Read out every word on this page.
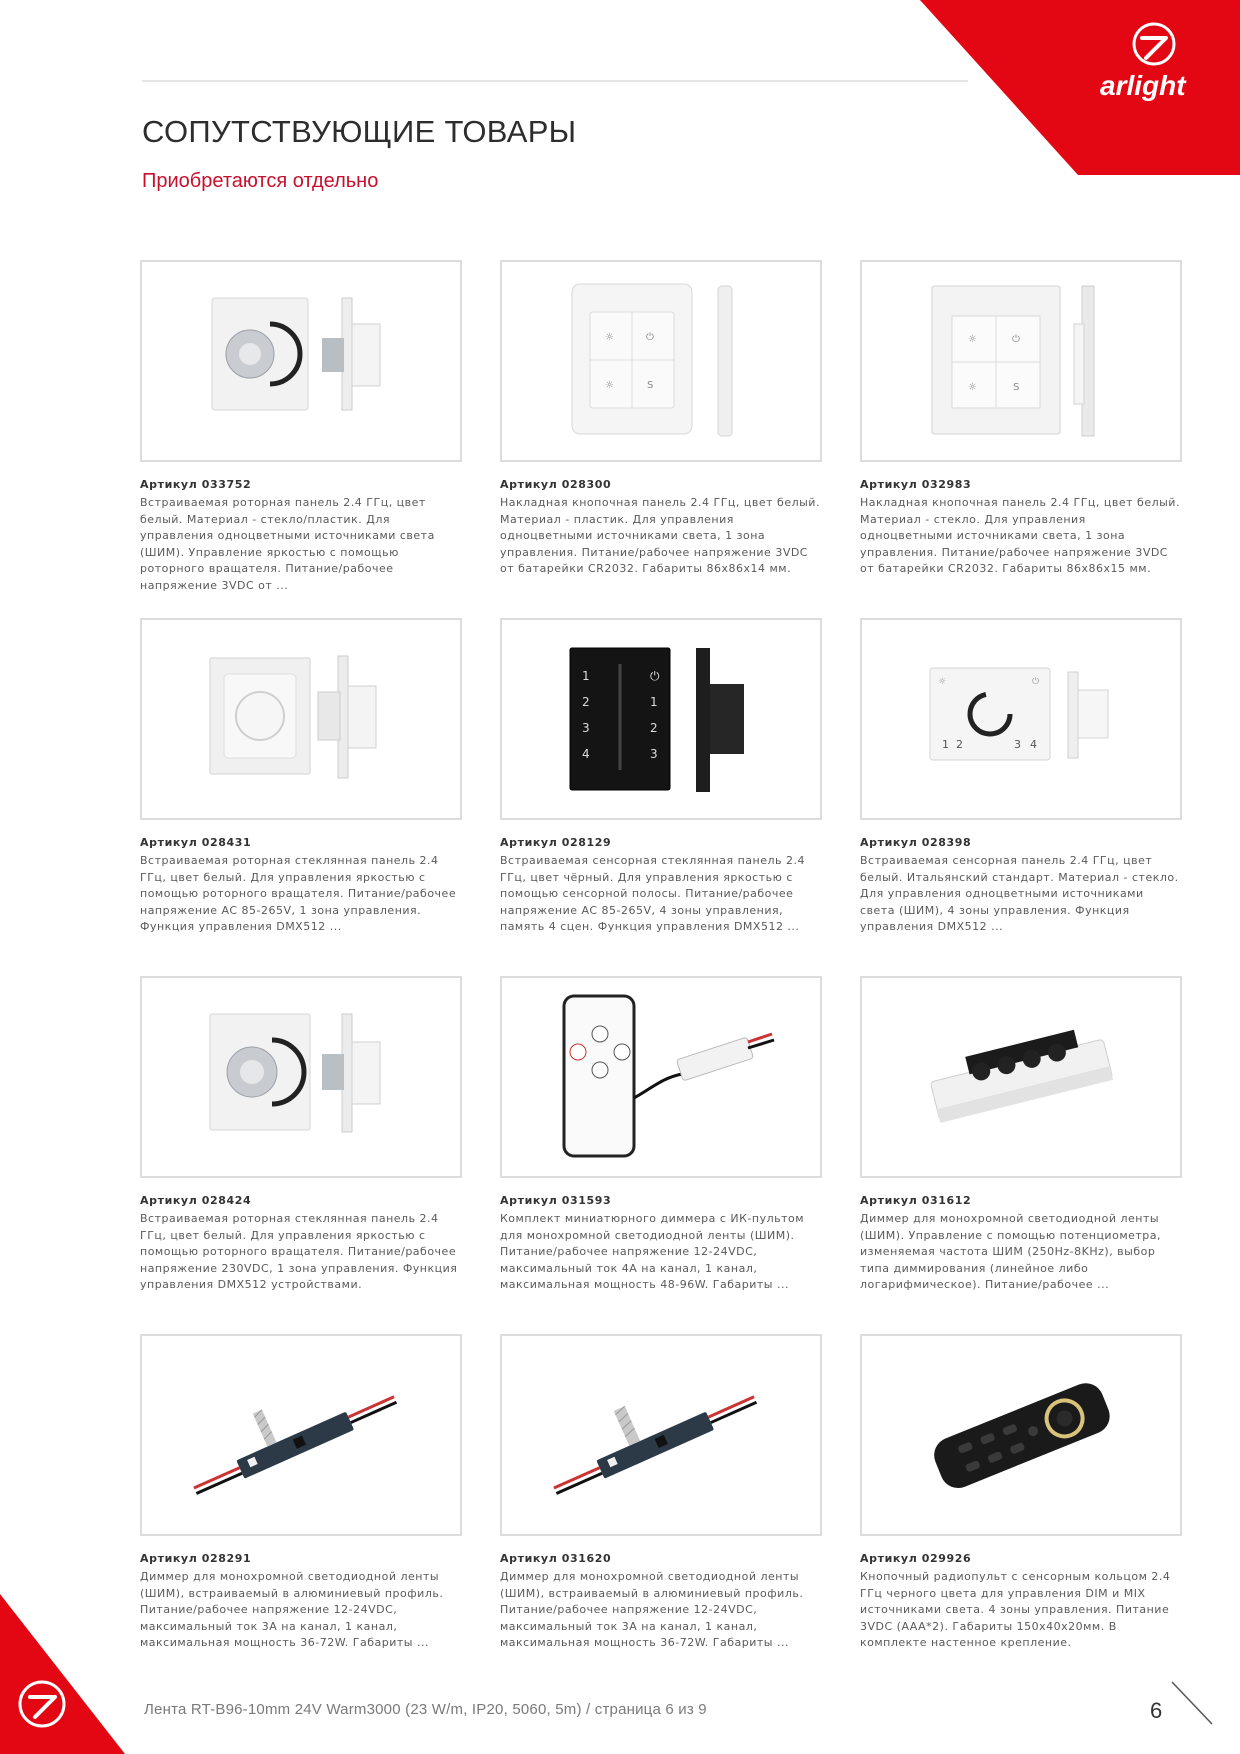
arlight
СОПУТСТВУЮЩИЕ ТОВАРЫ
Приобретаются отдельно
Артикул 033752
Встраиваемая роторная панель 2.4 ГГц, цвет белый. Материал - стекло/пластик. Для управления одноцветными источниками света (ШИМ). Управление яркостью с помощью роторного вращателя. Питание/рабочее напряжение 3VDC от ...
☼	⏻
☼	S
Артикул 028300
Накладная кнопочная панель 2.4 ГГц, цвет белый. Материал - пластик. Для управления одноцветными источниками света, 1 зона управления. Питание/рабочее напряжение 3VDC от батарейки CR2032. Габариты 86x86x14 мм.
☼	⏻
☼	S
Артикул 032983
Накладная кнопочная панель 2.4 ГГц, цвет белый. Материал - стекло. Для управления одноцветными источниками света, 1 зона управления. Питание/рабочее напряжение 3VDC от батарейки CR2032. Габариты 86x86x15 мм.
Артикул 028431
Встраиваемая роторная стеклянная панель 2.4 ГГц, цвет белый. Для управления яркостью с помощью роторного вращателя. Питание/рабочее напряжение AC 85-265V, 1 зона управления. Функция управления DMX512 ...
1
2
3
4
⏻
1
2
3
Артикул 028129
Встраиваемая сенсорная стеклянная панель 2.4 ГГц, цвет чёрный. Для управления яркостью с помощью сенсорной полосы. Питание/рабочее напряжение AC 85-265V, 4 зоны управления, память 4 сцен. Функция управления DMX512 ...
☼	⏻
1 2	3 4
Артикул 028398
Встраиваемая сенсорная панель 2.4 ГГц, цвет белый. Итальянский стандарт. Материал - стекло. Для управления одноцветными источниками света (ШИМ), 4 зоны управления. Функция управления DMX512 ...
Артикул 028424
Встраиваемая роторная стеклянная панель 2.4 ГГц, цвет белый. Для управления яркостью с помощью роторного вращателя. Питание/рабочее напряжение 230VDC, 1 зона управления. Функция управления DMX512 устройствами.
Артикул 031593
Комплект миниатюрного диммера с ИК-пультом для монохромной светодиодной ленты (ШИМ). Питание/рабочее напряжение 12-24VDC, максимальный ток 4A на канал, 1 канал, максимальная мощность 48-96W. Габариты ...
Артикул 031612
Диммер для монохромной светодиодной ленты (ШИМ). Управление с помощью потенциометра, изменяемая частота ШИМ (250Hz-8KHz), выбор типа диммирования (линейное либо логарифмическое). Питание/рабочее ...
Артикул 028291
Диммер для монохромной светодиодной ленты (ШИМ), встраиваемый в алюминиевый профиль. Питание/рабочее напряжение 12-24VDC, максимальный ток 3A на канал, 1 канал, максимальная мощность 36-72W. Габариты ...
Артикул 031620
Диммер для монохромной светодиодной ленты (ШИМ), встраиваемый в алюминиевый профиль. Питание/рабочее напряжение 12-24VDC, максимальный ток 3A на канал, 1 канал, максимальная мощность 36-72W. Габариты ...
Артикул 029926
Кнопочный радиопульт с сенсорным кольцом 2.4 ГГц черного цвета для управления DIM и MIX источниками света. 4 зоны управления. Питание 3VDC (AAA*2). Габариты 150x40x20мм. В комплекте настенное крепление.
Лента RT-B96-10mm 24V Warm3000 (23 W/m, IP20, 5060, 5m) / страница 6 из 9	6
